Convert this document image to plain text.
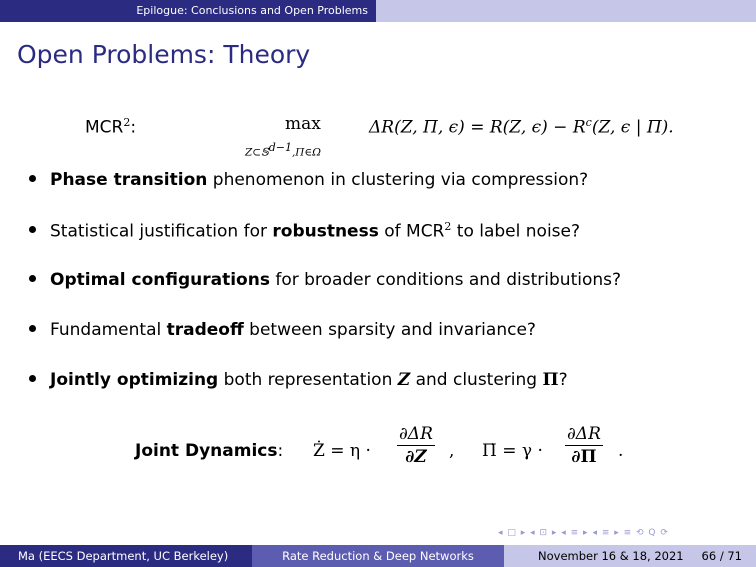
Epilogue: Conclusions and Open Problems
Open Problems: Theory
MCR$^2$:	max
Z⊂𝕊$^{d-1}$,Π∈Ω
ΔR(Z, Π, ϵ) = R(Z, $\epsilon) - R^c(Z$, ϵ | Π).
Phase transition phenomenon in clustering via compression?
Statistical justification for robustness of MCR$^2$ to label noise?
Optimal configurations for broader conditions and distributions?
Fundamental tradeoff between sparsity and invariance?
Jointly optimizing both representation Z and clustering Π?
Joint Dynamics: Ż = η ·
∂ΔR
∂Z	, Π̇ = γ ·
∂ΔR
∂Π	.
◂ □ ▸ ◂ ⊡ ▸ ◂ ≡ ▸ ◂ ≡ ▸ ≡ ⟲ Q ⟳
Ma (EECS Department, UC Berkeley)	Rate Reduction & Deep Networks	November 16 & 18, 2021 66 / 71
